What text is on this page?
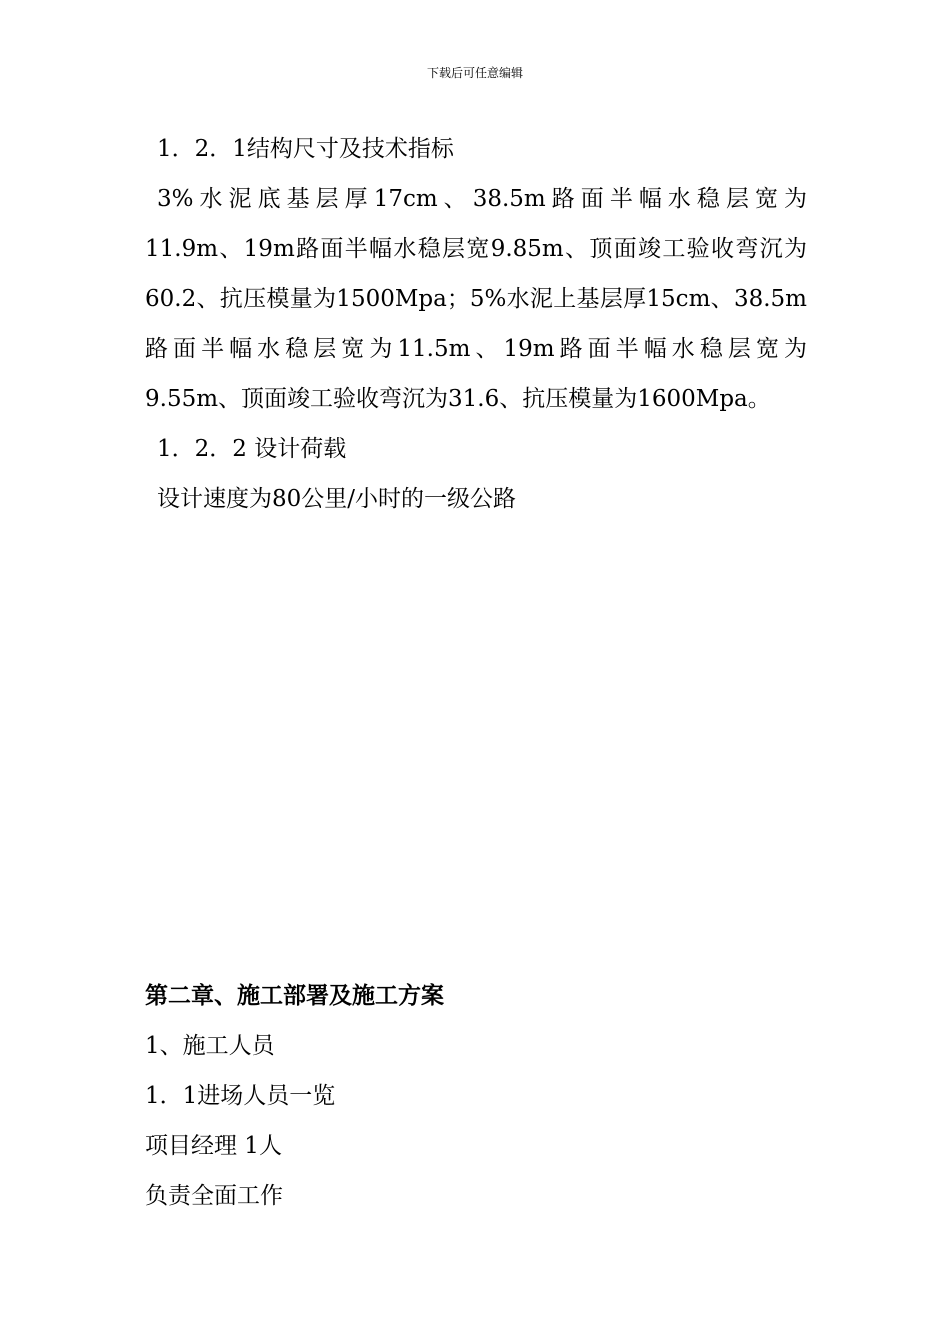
下载后可任意编辑
1．2．1结构尺寸及技术指标
3%水泥底基层厚17cm、38.5m路面半幅水稳层宽为
11.9m、19m路面半幅水稳层宽9.85m、顶面竣工验收弯沉为
60.2、抗压模量为1500Mpa；5%水泥上基层厚15cm、38.5m
路面半幅水稳层宽为11.5m、19m路面半幅水稳层宽为
9.55m、顶面竣工验收弯沉为31.6、抗压模量为1600Mpa。
1．2．2 设计荷载
设计速度为80公里/小时的一级公路
第二章、施工部署及施工方案
1、施工人员
1．1进场人员一览
项目经理 1人
负责全面工作
